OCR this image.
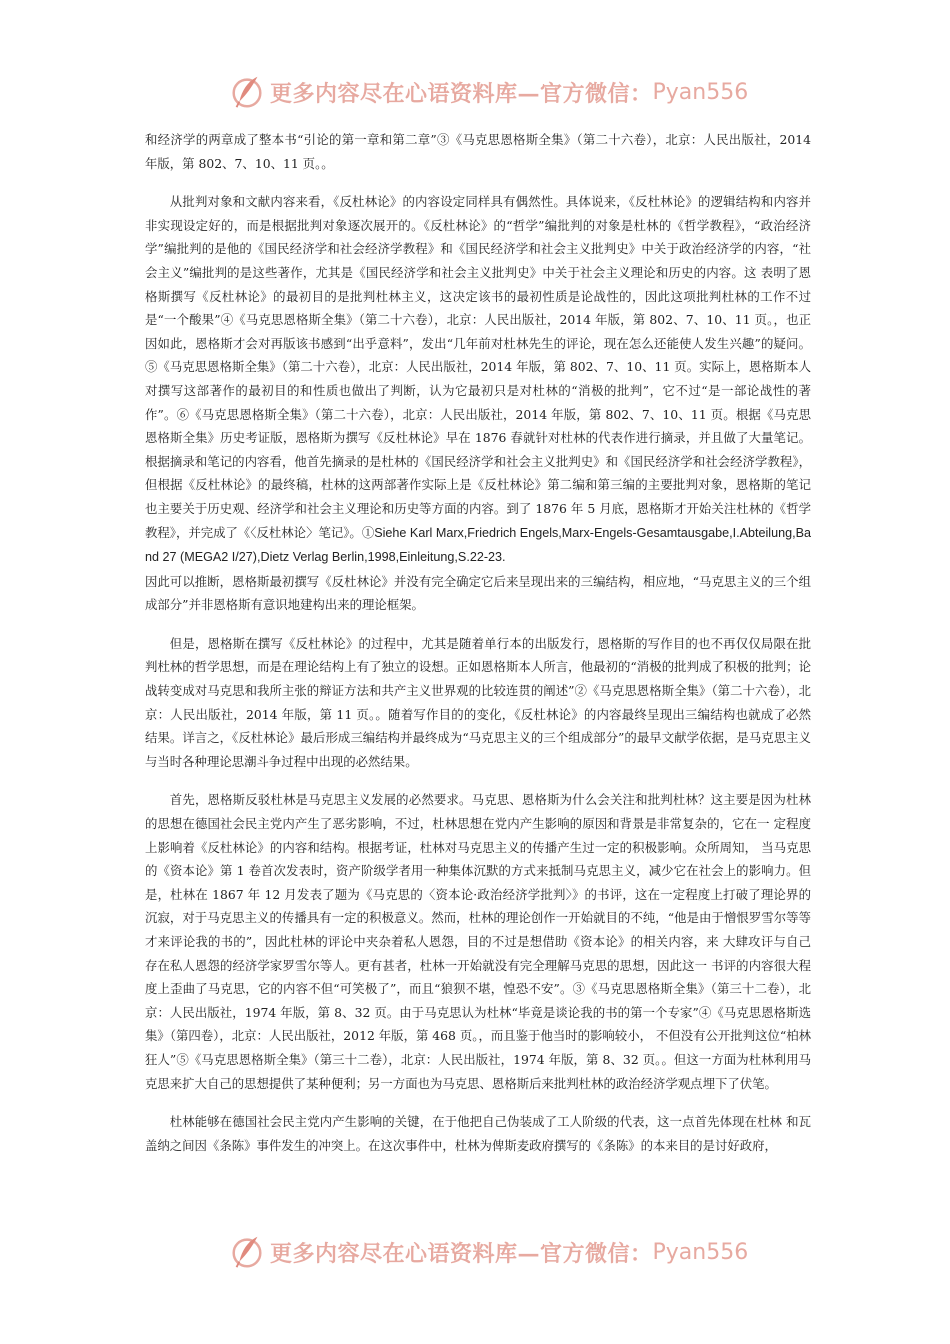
更多内容尽在心语资料库—官方微信： Pyan556

和经济学的两章成了整本书“引论的第一章和第二章”③《马克思恩格斯全集》（第二十六卷），北京：人民出版社，2014 年版，第 802、7、10、11 页。。

从批判对象和文献内容来看，《反杜林论》的内容设定同样具有偶然性。具体说来，《反杜林论》的逻辑结构和内容并非实现设定好的，而是根据批判对象逐次展开的。《反杜林论》的“哲学”编批判的对象是杜林的《哲学教程》，“政治经济学”编批判的是他的《国民经济学和社会经济学教程》和《国民经济学和社会主义批判史》中关于政治经济学的内容，“社会主义”编批判的是这些著作，尤其是《国民经济学和社会主义批判史》中关于社会主义理论和历史的内容。这 表明了恩格斯撰写《反杜林论》的最初目的是批判杜林主义，这决定该书的最初性质是论战性的，因此这项批判杜林的工作不过是“一个酸果”④《马克思恩格斯全集》（第二十六卷），北京：人民出版社，2014 年版，第 802、7、10、11 页。，也正因如此，恩格斯才会对再版该书感到“出乎意料”，发出“几年前对杜林先生的评论，现在怎么还能使人发生兴趣”的疑问。⑤《马克思恩格斯全集》（第二十六卷），北京：人民出版社，2014 年版，第 802、7、10、11 页。实际上，恩格斯本人对撰写这部著作的最初目的和性质也做出了判断，认为它最初只是对杜林的“消极的批判”，它不过“是一部论战性的著作”。⑥《马克思恩格斯全集》（第二十六卷），北京：人民出版社，2014 年版，第 802、7、10、11 页。根据《马克思恩格斯全集》历史考证版，恩格斯为撰写《反杜林论》早在 1876 春就针对杜林的代表作进行摘录，并且做了大量笔记。根据摘录和笔记的内容看，他首先摘录的是杜林的《国民经济学和社会主义批判史》和《国民经济学和社会经济学教程》，但根据《反杜林论》的最终稿，杜林的这两部著作实际上是《反杜林论》第二编和第三编的主要批判对象，恩格斯的笔记也主要关于历史观、经济学和社会主义理论和历史等方面的内容。到了 1876 年 5 月底，恩格斯才开始关注杜林的《哲学教程》，并完成了《〈反杜林论〉笔记》。①Siehe Karl Marx,Friedrich Engels,Marx-Engels-Gesamtausgabe,I.Abteilung,Band 27 (MEGA2 I/27),Dietz Verlag Berlin,1998,Einleitung,S.22-23.
因此可以推断，恩格斯最初撰写《反杜林论》并没有完全确定它后来呈现出来的三编结构，相应地，“马克思主义的三个组成部分”并非恩格斯有意识地建构出来的理论框架。

但是，恩格斯在撰写《反杜林论》的过程中，尤其是随着单行本的出版发行，恩格斯的写作目的也不再仅仅局限在批判杜林的哲学思想，而是在理论结构上有了独立的设想。正如恩格斯本人所言，他最初的“消极的批判成了积极的批判；论战转变成对马克思和我所主张的辩证方法和共产主义世界观的比较连贯的阐述”②《马克思恩格斯全集》（第二十六卷），北京：人民出版社，2014 年版，第 11 页。。随着写作目的的变化，《反杜林论》的内容最终呈现出三编结构也就成了必然结果。详言之，《反杜林论》最后形成三编结构并最终成为“马克思主义的三个组成部分”的最早文献学依据，是马克思主义与当时各种理论思潮斗争过程中出现的必然结果。

首先，恩格斯反驳杜林是马克思主义发展的必然要求。马克思、恩格斯为什么会关注和批判杜林？这主要是因为杜林的思想在德国社会民主党内产生了恶劣影响，不过，杜林思想在党内产生影响的原因和背景是非常复杂的，它在一 定程度上影响着《反杜林论》的内容和结构。根据考证，杜林对马克思主义的传播产生过一定的积极影响。众所周知， 当马克思的《资本论》第 1 卷首次发表时，资产阶级学者用一种集体沉默的方式来抵制马克思主义，减少它在社会上的影响力。但是，杜林在 1867 年 12 月发表了题为《马克思的〈资本论·政治经济学批判〉》的书评，这在一定程度上打破了理论界的沉寂，对于马克思主义的传播具有一定的积极意义。然而，杜林的理论创作一开始就目的不纯，“他是由于憎恨罗雪尔等等才来评论我的书的”，因此杜林的评论中夹杂着私人恩怨，目的不过是想借助《资本论》的相关内容，来 大肆攻讦与自己存在私人恩怨的经济学家罗雪尔等人。更有甚者，杜林一开始就没有完全理解马克思的思想，因此这一 书评的内容很大程度上歪曲了马克思，它的内容不但“可笑极了”，而且“狼狈不堪，惶恐不安”。③《马克思恩格斯全集》（第三十二卷），北京：人民出版社，1974 年版，第 8、32 页。由于马克思认为杜林“毕竟是谈论我的书的第一个专家”④《马克思恩格斯选集》（第四卷），北京：人民出版社，2012 年版，第 468 页。，而且鉴于他当时的影响较小， 不但没有公开批判这位“柏林狂人”⑤《马克思恩格斯全集》（第三十二卷），北京：人民出版社，1974 年版，第 8、32 页。。但这一方面为杜林利用马克思来扩大自己的思想提供了某种便利；另一方面也为马克思、恩格斯后来批判杜林的政治经济学观点埋下了伏笔。

杜林能够在德国社会民主党内产生影响的关键，在于他把自己伪装成了工人阶级的代表，这一点首先体现在杜林 和瓦盖纳之间因《条陈》事件发生的冲突上。在这次事件中，杜林为俾斯麦政府撰写的《条陈》的本来目的是讨好政府，

更多内容尽在心语资料库—官方微信： Pyan556
